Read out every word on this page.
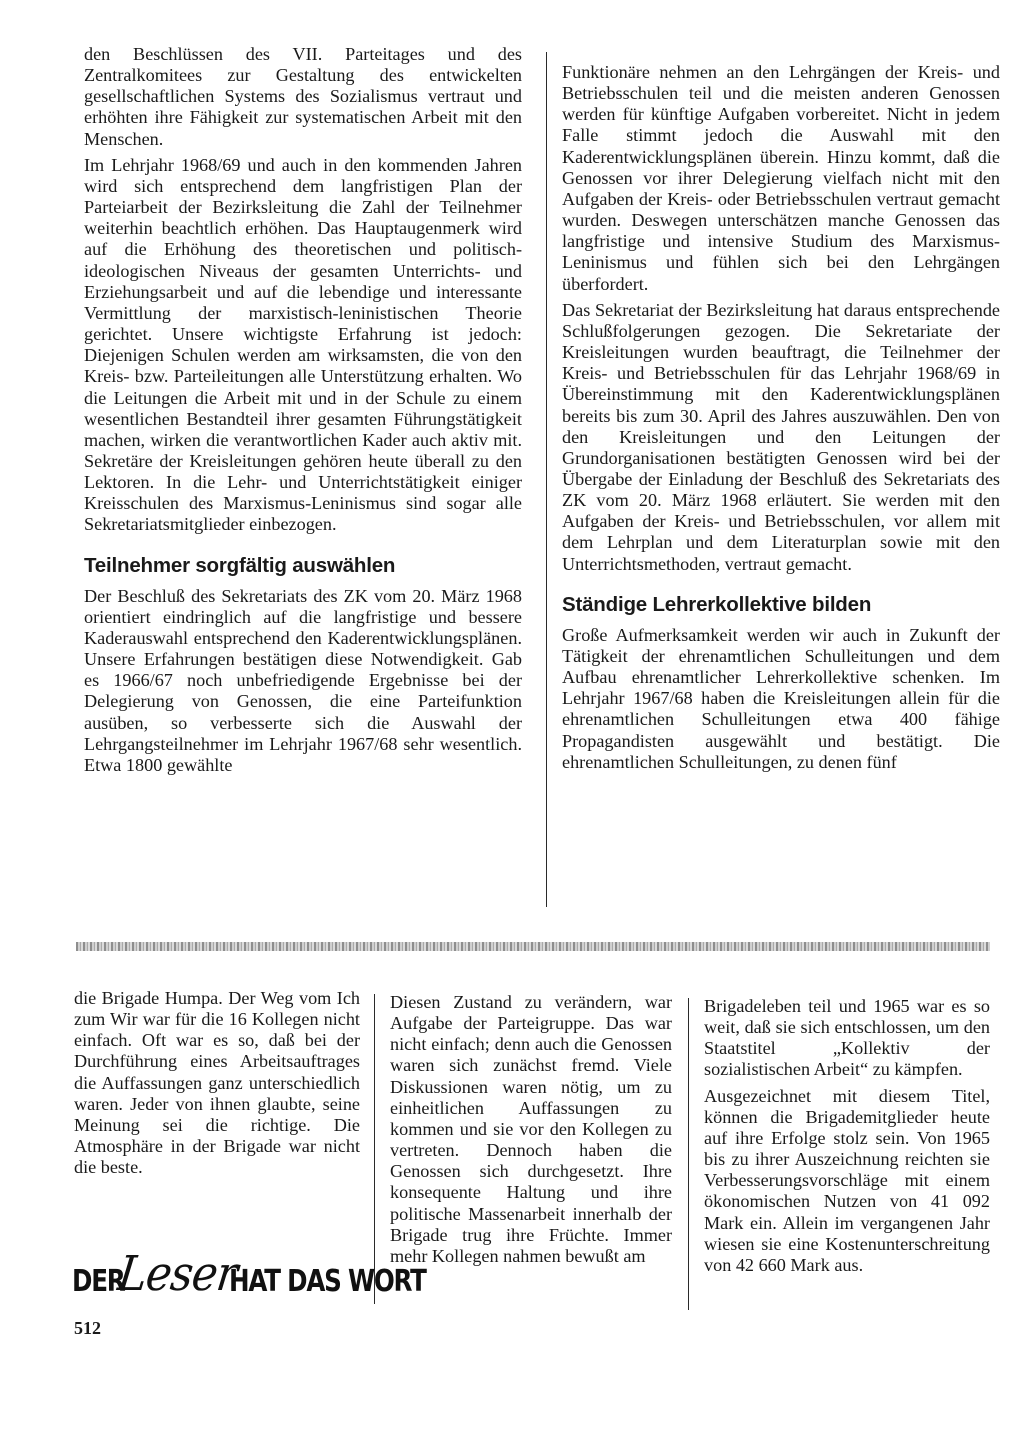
den Beschlüssen des VII. Parteitages und des Zentralkomitees zur Gestaltung des entwickelten gesellschaftlichen Systems des Sozialismus vertraut und erhöhten ihre Fähigkeit zur systematischen Arbeit mit den Menschen.

Im Lehrjahr 1968/69 und auch in den kommenden Jahren wird sich entsprechend dem langfristigen Plan der Parteiarbeit der Bezirksleitung die Zahl der Teilnehmer weiterhin beachtlich erhöhen. Das Hauptaugenmerk wird auf die Erhöhung des theoretischen und politisch-ideologischen Niveaus der gesamten Unterrichts- und Erziehungsarbeit und auf die lebendige und interessante Vermittlung der marxistisch-leninistischen Theorie gerichtet. Unsere wichtigste Erfahrung ist jedoch: Diejenigen Schulen werden am wirksamsten, die von den Kreis- bzw. Parteileitungen alle Unterstützung erhalten. Wo die Leitungen die Arbeit mit und in der Schule zu einem wesentlichen Bestandteil ihrer gesamten Führungstätigkeit machen, wirken die verantwortlichen Kader auch aktiv mit. Sekretäre der Kreisleitungen gehören heute überall zu den Lektoren. In die Lehr- und Unterrichtstätigkeit einiger Kreisschulen des Marxismus-Leninismus sind sogar alle Sekretariatsmitglieder einbezogen.

Teilnehmer sorgfältig auswählen

Der Beschluß des Sekretariats des ZK vom 20. März 1968 orientiert eindringlich auf die langfristige und bessere Kaderauswahl entsprechend den Kaderentwicklungsplänen. Unsere Erfahrungen bestätigen diese Notwendigkeit. Gab es 1966/67 noch unbefriedigende Ergebnisse bei der Delegierung von Genossen, die eine Parteifunktion ausüben, so verbesserte sich die Auswahl der Lehrgangsteilnehmer im Lehrjahr 1967/68 sehr wesentlich. Etwa 1800 gewählte

Funktionäre nehmen an den Lehrgängen der Kreis- und Betriebsschulen teil und die meisten anderen Genossen werden für künftige Aufgaben vorbereitet. Nicht in jedem Falle stimmt jedoch die Auswahl mit den Kaderentwicklungsplänen überein. Hinzu kommt, daß die Genossen vor ihrer Delegierung vielfach nicht mit den Aufgaben der Kreis- oder Betriebsschulen vertraut gemacht wurden. Deswegen unterschätzen manche Genossen das langfristige und intensive Studium des Marxismus-Leninismus und fühlen sich bei den Lehrgängen überfordert.

Das Sekretariat der Bezirksleitung hat daraus entsprechende Schlußfolgerungen gezogen. Die Sekretariate der Kreisleitungen wurden beauftragt, die Teilnehmer der Kreis- und Betriebsschulen für das Lehrjahr 1968/69 in Übereinstimmung mit den Kaderentwicklungsplänen bereits bis zum 30. April des Jahres auszuwählen. Den von den Kreisleitungen und den Leitungen der Grundorganisationen bestätigten Genossen wird bei der Übergabe der Einladung der Beschluß des Sekretariats des ZK vom 20. März 1968 erläutert. Sie werden mit den Aufgaben der Kreis- und Betriebsschulen, vor allem mit dem Lehrplan und dem Literaturplan sowie mit den Unterrichtsmethoden, vertraut gemacht.

Ständige Lehrerkollektive bilden

Große Aufmerksamkeit werden wir auch in Zukunft der Tätigkeit der ehrenamtlichen Schulleitungen und dem Aufbau ehrenamtlicher Lehrerkollektive schenken. Im Lehrjahr 1967/68 haben die Kreisleitungen allein für die ehrenamtlichen Schulleitungen etwa 400 fähige Propagandisten ausgewählt und bestätigt. Die ehrenamtlichen Schulleitungen, zu denen fünf

die Brigade Humpa. Der Weg vom Ich zum Wir war für die 16 Kollegen nicht einfach. Oft war es so, daß bei der Durchführung eines Arbeitsauftrages die Auffassungen ganz unterschiedlich waren. Jeder von ihnen glaubte, seine Meinung sei die richtige. Die Atmosphäre in der Brigade war nicht die beste.

Diesen Zustand zu verändern, war Aufgabe der Parteigruppe. Das war nicht einfach; denn auch die Genossen waren sich zunächst fremd. Viele Diskussionen waren nötig, um zu einheitlichen Auffassungen zu kommen und sie vor den Kollegen zu vertreten. Dennoch haben die Genossen sich durchgesetzt. Ihre konsequente Haltung und ihre politische Massenarbeit innerhalb der Brigade trug ihre Früchte. Immer mehr Kollegen nahmen bewußt am

Brigadeleben teil und 1965 war es so weit, daß sie sich entschlossen, um den Staatstitel „Kollektiv der sozialistischen Arbeit“ zu kämpfen.

Ausgezeichnet mit diesem Titel, können die Brigademitglieder heute auf ihre Erfolge stolz sein. Von 1965 bis zu ihrer Auszeichnung reichten sie Verbesserungsvorschläge mit einem ökonomischen Nutzen von 41 092 Mark ein. Allein im vergangenen Jahr wiesen sie eine Kostenunterschreitung von 42 660 Mark aus.

DER
Leser
HAT DAS WORT
512
